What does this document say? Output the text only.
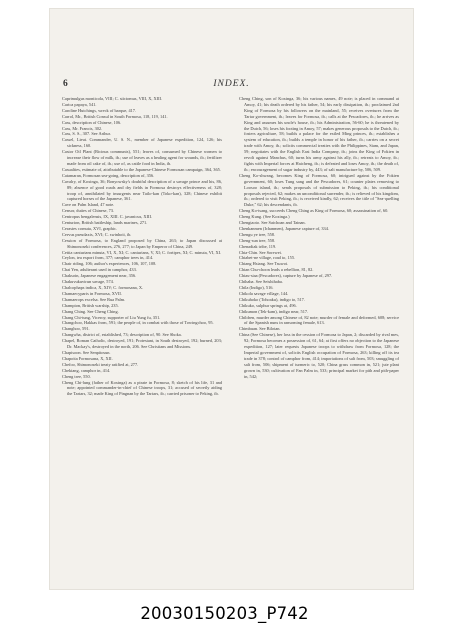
6	INDEX.

Caprimulgus monticola, VIII; C. stictomus, VIII, X, XIII.

Carica papaya, 541.

Caroline Hutchings, wreck of barque, 417.

Carrol, Mr., British Consul in South Formosa, 118, 119, 141.

Cass, description of Chinese, 106.

Cass, Mr. Francis, 302.

Cass, S. S., 307. See Arthur.

Cassel, Lieut. Commander, U. S. N., member of Japanese expedition, 124, 126; his sickness, 160.

Castor Oil Plant (Ricinus communis), 551; leaves of, consumed by Chinese women to increase their flow of milk, ib.; use of leaves as a healing agent for wounds, ib.; fertilizer made from oil cake of, ib.; use of, as cattle food in India, ib.

Casualties, estimate of, attributable to the Japanese-Chinese Formosan campaign, 364, 365.

Catamaran, Formosan sea-going, description of, 356.

Cavalry, of Koxinga, 36; Bonyowsky's doubtful description of a savage prince and his, 86, 89; absence of good roads and dry fields in Formosa destroys effectiveness of, 328; troop of, annihilated by insurgents near Tailo-kan (Toko-kan), 328; Chinese exhibit captured horses of the Japanese, 361.

Cave on Palm Island, 47 note.

Censor, duties of Chinese, 73.

Centropus bengalensis, IX, XIII. C. javanicus, XIII.

Centurion, British battleship, lands marines, 271.

Cerastes cornuta, XVI, graphic.

Cervus pseudaxis, XVI; C. swinhoii, ib.

Cession of Formosa, to England proposed by China, 263; to Japan discussed at Shimonoseki conferences, 276, 277; to Japan by Emperor of China, 249.

Cettia canturians minuta, VI, X, XI; C. canturians, V, XI; C. fortipes, XI; C. minuta, VI, XI.

Ceylon, tea export from, 377; camphor trees in, 414.

Chair riding, 106; author's experiences, 106, 107, 108.

Chai Yen, adulterant used in camphor, 433.

Chaksoin, Japanese engagement near, 356.

Chakuvukuvirun savage, 574.

Chalcophaps indica, X, XIV; C. formosana, X.

Chamaecyparis in Formosa, XVII.

Chamaerops excelsa. See Rua Palm.

Champion, British warship, 235.

Chang Ching. See Cheng Ching.

Chang Chi-tung, Viceroy, supporter of Liu Yung fu, 351.

Changchoo, Hakkas from, 591; the people of, in combat with those of Towingchoo, 95.

Changhoo, 591.

Changwha, district of, established, 73; description of, 90. See Shoka.

Chapel, Roman Catholic, destroyed, 191; Protestant, in South destroyed, 192; burned, 203; Dr. Mackay's, destroyed in the north, 206. See Christians and Missions.

Chapisoon. See Senpitosun.

Chapoita Formosana, X, XII.

Chefoo, Shimonoseki treaty ratified at, 277.

Chekiang, camphor in, 414.

Cheng tree, 550.

Cheng Chi-lung (father of Koxinga) as a pirate in Formosa, 8; sketch of his life, 31 and note; appointed commander-in-chief of Chinese troops, 31; accused of secretly aiding the Tartars, 32; made King of Pingnan by the Tartars, ib.; carried prisoner to Peking, ib.

Cheng Ching, son of Koxinga, 36; his various names, 49 note; is placed in command at Amoy, 41; his death ordered by his father, 54; his early dissipation, ib.; proclaimed 2nd King of Formosa by his followers on the mainland, 55; receives overtures from the Tartar government, ib.; leaves for Formosa, ib.; calls at the Pescadores, ib.; he arrives as King and assumes his uncle's house, ib.; his Administration, 56-60; he is threatened by the Dutch, 56; loses his footing in Amoy, 57; makes generous proposals to the Dutch, ib.; fosters agriculture, 58; builds a palace for the exiled Ming princes, ib.; establishes a system of education, ib.; builds a temple in honor of his father, ib.; carries on a secret trade with Amoy, ib.; solicits commercial treaties with the Philippines, Siam, and Japan, 59; negotiates with the English East India Company, ib.; joins the King of Fokien in revolt against Manchus, 60; turns his army against his ally, ib.; retreats to Amoy, ib.; fights with Imperial forces at Haicheng, ib.; is defeated and loses Amoy, ib.; the death of, ib.; encouragement of sugar industry by, 443; of salt manufacture by, 506, 509.

Cheng Ko-shwang, becomes King of Formosa, 60; intrigued against by the Fokien government, 60; loses Tung sang and the Pescadores, 61; counter plates removing to Loosoo island, ib.; sends proposals of submission to Peking, ib.; his conditional proposals rejected, 62; makes an unconditional surrender, ib.; is relieved of his kingdom, ib.; ordered to visit Peking, ib.; is received kindly, 62; receives the title of "Sea-quelling Duke," 62; his descendants, ib.

Cheng Ko-tsang, succeeds Cheng Ching as King of Formosa, 60; assassination of, 60.

Cheng Kung. (See Koxinga.)

Chengtaoto. See Saichoan and Tainan.

Chenkanmen (Ichanmen), Japanese capture of, 334.

Chengu ye tree, 558.

Cheng-sun tree, 558.

Chenadiak tribe, 119.

Chia-Chin. See Sorewei.

Chiabet-ne village, road to, 155.

Chiang Hsiang. See Tsuwoi.

Chian Chu-choon leads a rebellion, 81, 82.

Chiau-siaa (Pescadores), capture by Japanese of, 297.

Chihaba. See Seishihaba.

Chila (Indigo), 516.

Chikola savage village, 144.

Chikuhoko (Tohoaku), indigo to, 517.

Chikuko, sulphur springs at, 496.

Chikumon (Tek-kam), indigo near, 517.

Children, murder among Chinese of, 82 note; murder of female and deformed, 608; service of the Spanish nuns in ransoming female, 613.

Chimbuan. See Bilotan.

China (See Chinese), her loss in the cession of Formosa to Japan, 2; discarded by rival mes, 92; Formosa becomes a possession of, 61, 64; at first offers no objection to the Japanese expedition, 127; later requests Japanese troops to withdraw from Formosa, 128; the Imperial government of, solicits English occupation of Formosa, 263; killing off its tea trade in 378; control of camphor from, 414; importations of salt from, 503; smuggling of salt from, 506; shipment of turmeric to, 520; China grass common in, 521; jute plant grown in, 530; cultivation of Fan Palm in, 533; principal market for pith and pith-paper in, 542;

20030150203_P742
